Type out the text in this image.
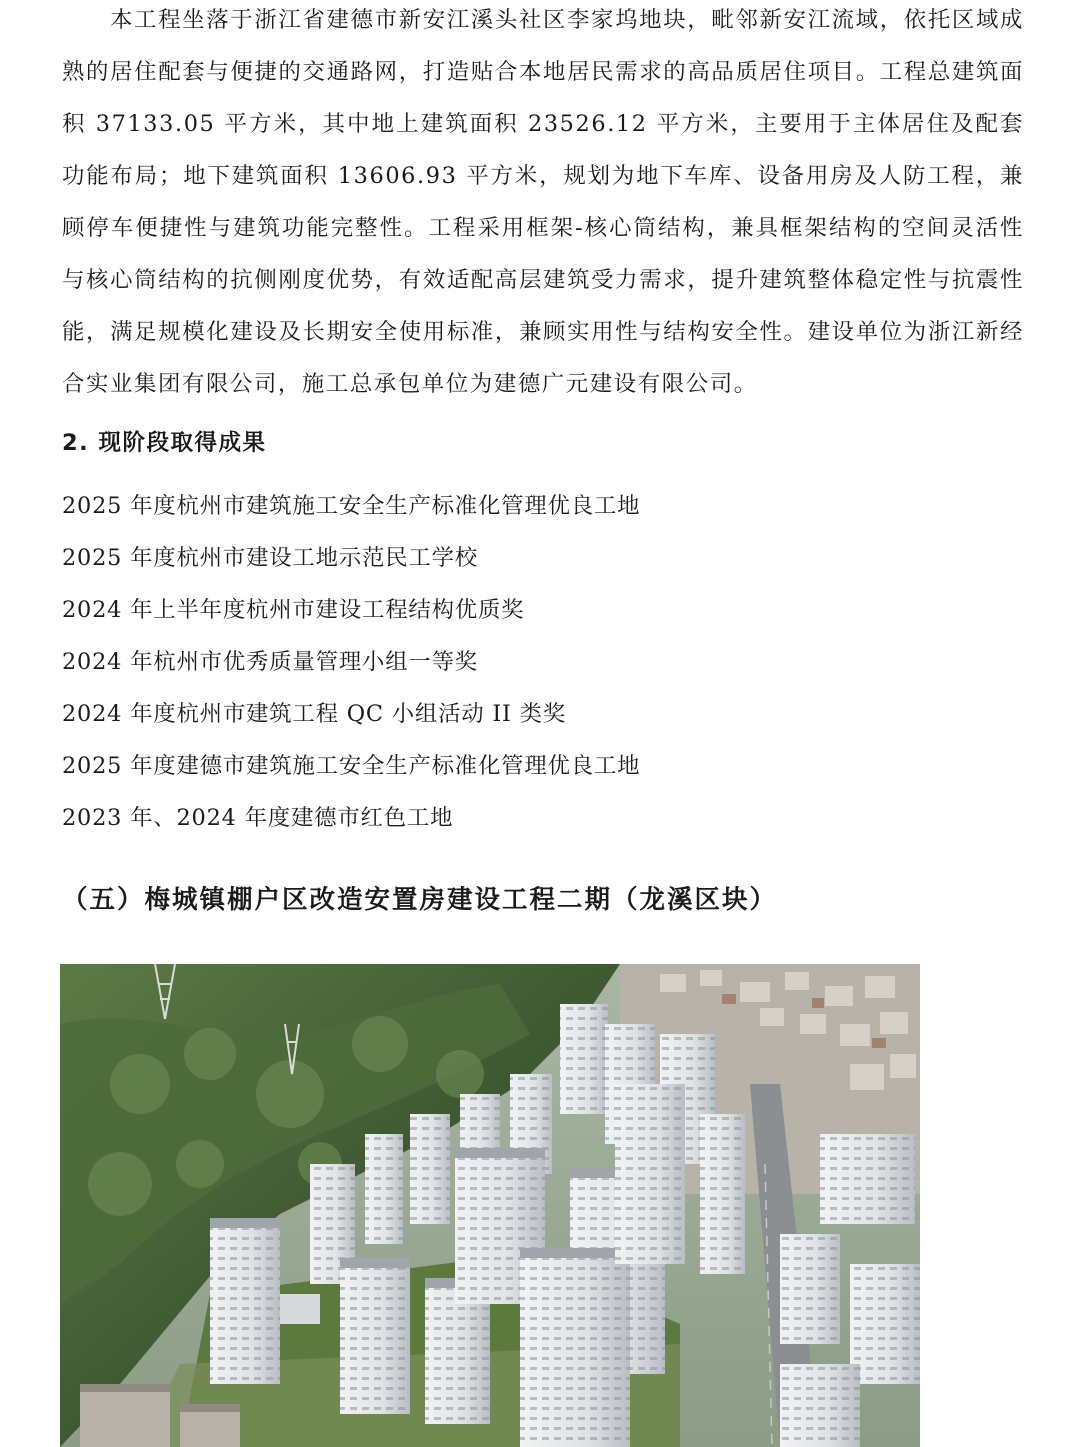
本工程坐落于浙江省建德市新安江溪头社区李家坞地块，毗邻新安江流域，依托区域成熟的居住配套与便捷的交通路网，打造贴合本地居民需求的高品质居住项目。工程总建筑面积 37133.05 平方米，其中地上建筑面积 23526.12 平方米，主要用于主体居住及配套功能布局；地下建筑面积 13606.93 平方米，规划为地下车库、设备用房及人防工程，兼顾停车便捷性与建筑功能完整性。工程采用框架-核心筒结构，兼具框架结构的空间灵活性与核心筒结构的抗侧刚度优势，有效适配高层建筑受力需求，提升建筑整体稳定性与抗震性能，满足规模化建设及长期安全使用标准，兼顾实用性与结构安全性。建设单位为浙江新经合实业集团有限公司，施工总承包单位为建德广元建设有限公司。

2. 现阶段取得成果
2025 年度杭州市建筑施工安全生产标准化管理优良工地
2025 年度杭州市建设工地示范民工学校
2024 年上半年度杭州市建设工程结构优质奖
2024 年杭州市优秀质量管理小组一等奖
2024 年度杭州市建筑工程 QC 小组活动 II 类奖
2025 年度建德市建筑施工安全生产标准化管理优良工地
2023 年、2024 年度建德市红色工地
（五）梅城镇棚户区改造安置房建设工程二期（龙溪区块）
